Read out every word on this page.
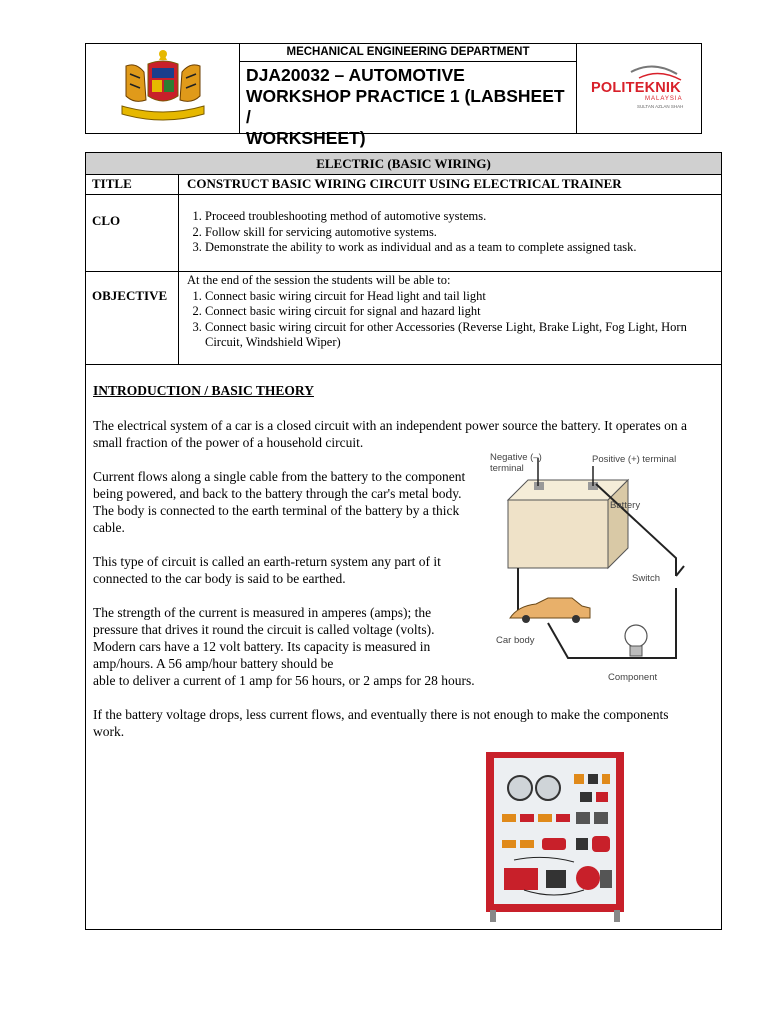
MECHANICAL ENGINEERING DEPARTMENT
DJA20032 – AUTOMOTIVE
WORKSHOP PRACTICE 1 (LABSHEET /
WORKSHEET)
POLITEKNIK
MALAYSIA
SULTAN AZLAN SHAH
ELECTRIC (BASIC WIRING)
TITLE	CONSTRUCT BASIC WIRING CIRCUIT USING ELECTRICAL TRAINER
CLO
1.	Proceed troubleshooting method of automotive systems.
2. Follow skill for servicing automotive systems.
3. Demonstrate the ability to work as individual and as a team to complete assigned task.
OBJECTIVE
At the end of the session the students will be able to:
1. Connect basic wiring circuit for Head light and tail light
2. Connect basic wiring circuit for signal and hazard light
3. Connect basic wiring circuit for other Accessories (Reverse Light, Brake Light, Fog Light, Horn Circuit, Windshield Wiper)
INTRODUCTION / BASIC THEORY

The electrical system of a car is a closed circuit with an independent power source the battery. It operates on a small fraction of the power of a household circuit.

Current flows along a single cable from the battery to the component being powered, and back to the battery through the car's metal body. The body is connected to the earth terminal of the battery by a thick cable.

This type of circuit is called an earth-return system any part of it connected to the car body is said to be earthed.

The strength of the current is measured in amperes (amps); the pressure that drives it round the circuit is called voltage (volts). Modern cars have a 12 volt battery. Its capacity is measured in amp/hours. A 56 amp/hour battery should be
able to deliver a current of 1 amp for 56 hours, or 2 amps for 28 hours.

If the battery voltage drops, less current flows, and eventually there is not enough to make the components work.

Negative (–)
terminal
Positive (+) terminal
Battery
Switch
Car body
Component
